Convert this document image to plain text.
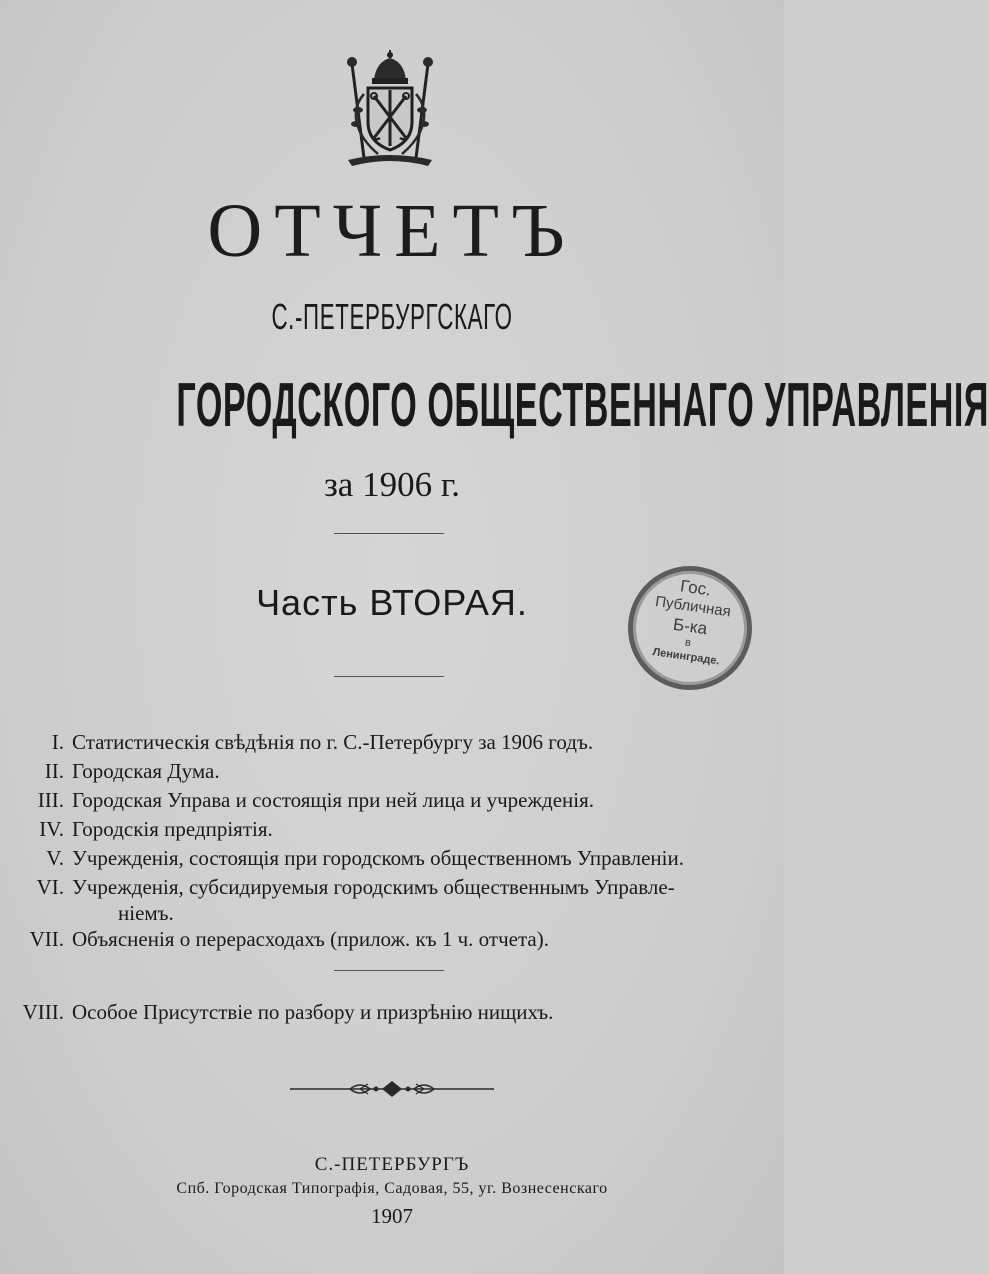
ОТЧЕТЪ
С.-ПЕТЕРБУРГСКАГО
ГОРОДСКОГО ОБЩЕСТВЕННАГО УПРАВЛЕНІЯ
за 1906 г.
Часть ВТОРАЯ.	Гос.
Публичная
Б-ка
в
Ленинграде.
I. Статистическія свѣдѣнія по г. С.-Петербургу за 1906 годъ.
II. Городская Дума.
III. Городская Управа и состоящія при ней лица и учрежденія.
IV. Городскія предпріятія.
V. Учрежденія, состоящія при городскомъ общественномъ Управленіи.
VI. Учрежденія, субсидируемыя городскимъ общественнымъ Управле-
ніемъ.
VII. Объясненія о перерасходахъ (прилож. къ 1 ч. отчета).
VIII. Особое Присутствіе по разбору и призрѣнію нищихъ.
С.-ПЕТЕРБУРГЪ
Спб. Городская Типографія, Садовая, 55, уг. Вознесенскаго
1907
